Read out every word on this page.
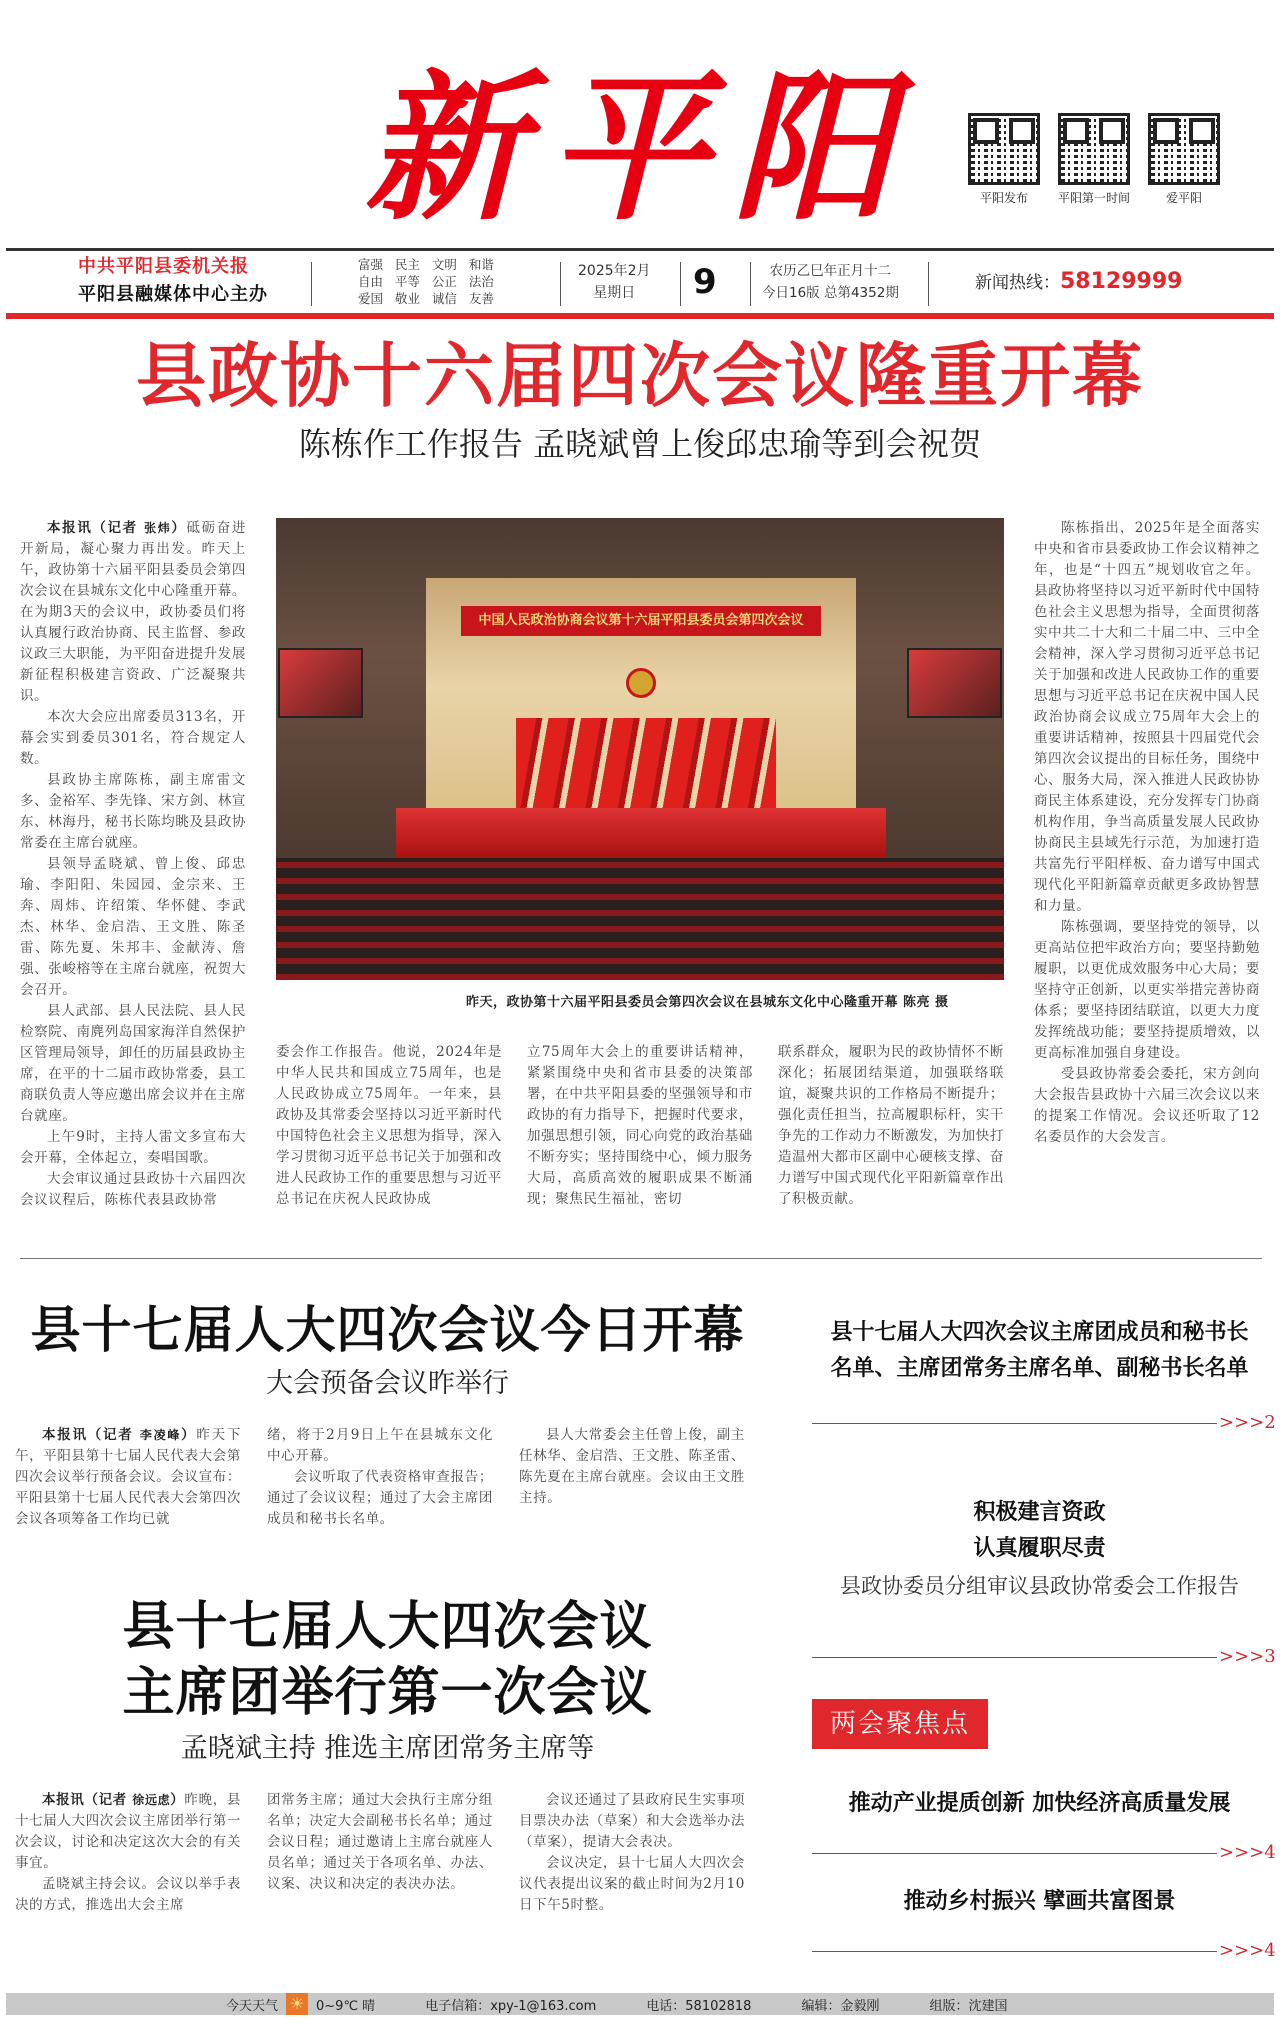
新平阳	平阳发布	平阳第一时间	爱平阳
中共平阳县委机关报
平阳县融媒体中心主办
富强 民主 文明 和谐
自由 平等 公正 法治
爱国 敬业 诚信 友善
2025年2月
星期日	9	农历乙巳年正月十二
今日16版 总第4352期	新闻热线：58129999
县政协十六届四次会议隆重开幕
陈栋作工作报告 孟晓斌曾上俊邱忠瑜等到会祝贺

本报讯（记者 张炜）砥砺奋进开新局，凝心聚力再出发。昨天上午，政协第十六届平阳县委员会第四次会议在县城东文化中心隆重开幕。在为期3天的会议中，政协委员们将认真履行政治协商、民主监督、参政议政三大职能，为平阳奋进提升发展新征程积极建言资政、广泛凝聚共识。

本次大会应出席委员313名，开幕会实到委员301名，符合规定人数。

县政协主席陈栋，副主席雷文多、金裕军、李先锋、宋方剑、林宣东、林海丹，秘书长陈均眺及县政协常委在主席台就座。

县领导孟晓斌、曾上俊、邱忠瑜、李阳阳、朱园园、金宗来、王奔、周炜、许绍策、华怀健、李武杰、林华、金启浩、王文胜、陈圣雷、陈先夏、朱邦丰、金献涛、詹强、张峻榕等在主席台就座，祝贺大会召开。

县人武部、县人民法院、县人民检察院、南麂列岛国家海洋自然保护区管理局领导，卸任的历届县政协主席，在平的十二届市政协常委，县工商联负责人等应邀出席会议并在主席台就座。

上午9时，主持人雷文多宣布大会开幕，全体起立，奏唱国歌。

大会审议通过县政协十六届四次会议议程后，陈栋代表县政协常

中国人民政治协商会议第十六届平阳县委员会第四次会议
昨天，政协第十六届平阳县委员会第四次会议在县城东文化中心隆重开幕 陈亮 摄

委会作工作报告。他说，2024年是中华人民共和国成立75周年，也是人民政协成立75周年。一年来，县政协及其常委会坚持以习近平新时代中国特色社会主义思想为指导，深入学习贯彻习近平总书记关于加强和改进人民政协工作的重要思想与习近平总书记在庆祝人民政协成

立75周年大会上的重要讲话精神，紧紧围绕中央和省市县委的决策部署，在中共平阳县委的坚强领导和市政协的有力指导下，把握时代要求，加强思想引领，同心向党的政治基础不断夯实；坚持围绕中心，倾力服务大局，高质高效的履职成果不断涌现；聚焦民生福祉，密切

联系群众，履职为民的政协情怀不断深化；拓展团结渠道，加强联络联谊，凝聚共识的工作格局不断提升；强化责任担当，拉高履职标杆，实干争先的工作动力不断激发，为加快打造温州大都市区副中心硬核支撑、奋力谱写中国式现代化平阳新篇章作出了积极贡献。

陈栋指出，2025年是全面落实中央和省市县委政协工作会议精神之年，也是“十四五”规划收官之年。县政协将坚持以习近平新时代中国特色社会主义思想为指导，全面贯彻落实中共二十大和二十届二中、三中全会精神，深入学习贯彻习近平总书记关于加强和改进人民政协工作的重要思想与习近平总书记在庆祝中国人民政治协商会议成立75周年大会上的重要讲话精神，按照县十四届党代会第四次会议提出的目标任务，围绕中心、服务大局，深入推进人民政协协商民主体系建设，充分发挥专门协商机构作用，争当高质量发展人民政协协商民主县域先行示范，为加速打造共富先行平阳样板、奋力谱写中国式现代化平阳新篇章贡献更多政协智慧和力量。

陈栋强调，要坚持党的领导，以更高站位把牢政治方向；要坚持勤勉履职，以更优成效服务中心大局；要坚持守正创新，以更实举措完善协商体系；要坚持团结联谊，以更大力度发挥统战功能；要坚持提质增效，以更高标准加强自身建设。

受县政协常委会委托，宋方剑向大会报告县政协十六届三次会议以来的提案工作情况。会议还听取了12名委员作的大会发言。

县十七届人大四次会议今日开幕
大会预备会议昨举行

本报讯（记者 李凌峰）昨天下午，平阳县第十七届人民代表大会第四次会议举行预备会议。会议宣布：平阳县第十七届人民代表大会第四次会议各项筹备工作均已就

绪，将于2月9日上午在县城东文化中心开幕。

会议听取了代表资格审查报告；通过了会议议程；通过了大会主席团成员和秘书长名单。

县人大常委会主任曾上俊，副主任林华、金启浩、王文胜、陈圣雷、陈先夏在主席台就座。会议由王文胜主持。

县十七届人大四次会议
主席团举行第一次会议
孟晓斌主持 推选主席团常务主席等

本报讯（记者 徐远虑）昨晚，县十七届人大四次会议主席团举行第一次会议，讨论和决定这次大会的有关事宜。

孟晓斌主持会议。会议以举手表决的方式，推选出大会主席

团常务主席；通过大会执行主席分组名单；决定大会副秘书长名单；通过会议日程；通过邀请上主席台就座人员名单；通过关于各项名单、办法、议案、决议和决定的表决办法。

会议还通过了县政府民生实事项目票决办法（草案）和大会选举办法（草案），提请大会表决。

会议决定，县十七届人大四次会议代表提出议案的截止时间为2月10日下午5时整。

县十七届人大四次会议主席团成员和秘书长
名单、主席团常务主席名单、副秘书长名单
>>>2
积极建言资政
认真履职尽责
县政协委员分组审议县政协常委会工作报告
>>>3
两会聚焦点
推动产业提质创新 加快经济高质量发展
>>>4
推动乡村振兴 擘画共富图景
>>>4
今天天气 ☀ 0~9℃ 晴	电子信箱：xpy-1@163.com	电话：58102818	编辑：金毅刚	组版：沈建国
